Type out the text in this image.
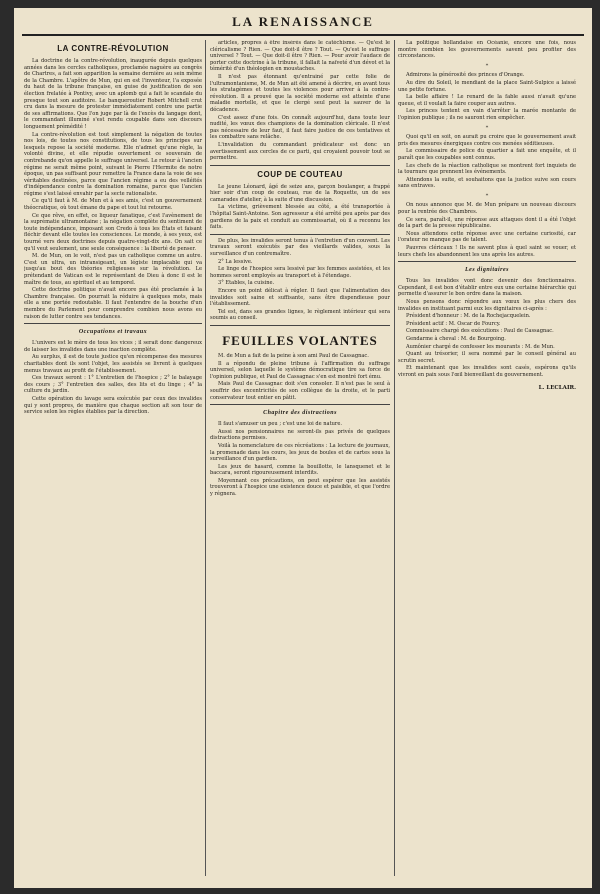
LA RENAISSANCE
LA CONTRE-RÉVOLUTION

La doctrine de la contre-révolution, inaugurée depuis quelques années dans les cercles catholiques, proclamée naguère au congrès de Chartres, a fait son apparition la semaine dernière au sein même de la Chambre. L'apôtre de Mun, qui en est l'inventeur, l'a exposée du haut de la tribune française, en guise de justification de son élection frelatée à Pontivy, avec un aplomb qui a fait le scandale du presque tout son auditoire. Le banqueroutier Robert Mitchell crut cru dans la mesure de protester immédiatement contre une partie de ses affirmations. Que l'on juge par là de l'excès du langage dont, le commandant illuminé s'est rendu coupable dans son discours longuement prémédité !

La contre-révolution est tout simplement la négation de toutes nos lois, de toutes nos constitutions, de tous les principes sur lesquels repose la société moderne. Elle n'admet qu'une règle, la volonté divine, et elle répudie ouvertement ce souverain de contrebande qu'on appelle le suffrage universel. Le retour à l'ancien régime ne serait même point, suivant le Pierre l'Hermite de notre époque, un pas suffisant pour remettre la France dans la voie de ses véritables destinées, parce que l'ancien régime a eu des velléités d'indépendance contre la domination romaine, parce que l'ancien régime s'est laissé envahir par la secte rationaliste.

Ce qu'il faut à M. de Mun et à ses amis, c'est un gouvernement théocratique, où tout émane du pape et tout lui retourne.

Ce que rêve, en effet, ce liqueur fanatique, c'est l'avènement de la suprématie ultramontaine ; la négation complète du sentiment de toute indépendance, imposant son Credo à tous les États et faisant fléchir devant elle toutes les consciences. Le monde, à ses yeux, est tourné vers deux doctrines depuis quatre-vingt-dix ans. On sait ce qu'il veut seulement, une seule conséquence : la liberté de penser.

M. de Mun, on le voit, n'est pas un catholique comme un autre. C'est un ultra, un intransigeant, un légiste implacable qui va jusqu'au bout des théories religieuses sur la révolution. Le prétendant de Vatican est le représentant de Dieu à donc il est le maître de tous, au spirituel et au temporel.

Cette doctrine politique n'avait encore pas été proclamée à la Chambre française. On pourrait la réduire à quelques mots, mais elle a une portée redoutable. Il faut l'entendre de la bouche d'un membre du Parlement pour comprendre combien nous avons eu raison de lutter contre ses tendances.

Occupations et travaux

L'univers est le mère de tous les vices ; il serait donc dangereux de laisser les invalides dans une inaction complète.

Au surplus, il est de toute justice qu'en récompense des mesures charitables dont ils sont l'objet, les assistés se livrent à quelques menus travaux au profit de l'établissement.

Ces travaux seront : 1° L'entretien de l'hospice ; 2° le balayage des cours ; 3° l'entretien des salles, des lits et du linge ; 4° la culture du jardin.

Cette opération du lavage sera exécutée par ceux des invalides qui y sont propres, de manière que chaque section ait son tour de service selon les règles établies par la direction.

articles, propres à être insérés dans le catéchisme. — Qu'est le cléricalisme ? Rien. — Que doit-il être ? Tout. — Qu'est le suffrage universel ? Tout. — Que doit-il être ? Rien. — Pour avoir l'audace de porter cette doctrine à la tribune, il fallait la naïveté d'un dévot et la témérité d'un théologien en moustaches.

Il n'est pas étonnant qu'entrainé par cette folie de l'ultramontanisme, M. de Mun ait été amené à décrire, en avant tous les stratagèmes et toutes les violences pour arriver à la contre-révolution. Il a prouvé que la société moderne est atteinte d'une maladie mortelle, et que le clergé seul peut la sauver de la décadence.

C'est assez d'une fois. On connaît aujourd'hui, dans toute leur nudité, les vœux des champions de la domination cléricale. Il n'est pas nécessaire de leur faut, il faut faire justice de ces tentatives et les combattre sans relâche.

L'invalidation du commandant prédicateur est donc un avertissement aux cercles de ce parti, qui croyaient pouvoir tout se permettre.

COUP DE COUTEAU

Le jeune Léonard, âgé de seize ans, garçon boulanger, a frappé hier soir d'un coup de couteau, rue de la Roquette, un de ses camarades d'atelier, à la suite d'une discussion.

La victime, grièvement blessée au côté, a été transportée à l'hôpital Saint-Antoine. Son agresseur a été arrêté peu après par des gardiens de la paix et conduit au commissariat, où il a reconnu les faits.

De plus, les invalides seront tenus à l'entretien d'un couvent. Les travaux seront exécutés par des vieillards valides, sous la surveillance d'un contremaître.

2° La lessive.

Le linge de l'hospice sera lessivé par les femmes assistées, et les hommes seront employés au transport et à l'étendage.

3° Etables, la cuisine.

Encore un point délicat à régler. Il faut que l'alimentation des invalides soit saine et suffisante, sans être dispendieuse pour l'établissement.

Tel est, dans ses grandes lignes, le règlement intérieur qui sera soumis au conseil.

FEUILLES VOLANTES

M. de Mun a fait de la peine à son ami Paul de Cassagnac.

Il a répondu de pleine tribune à l'affirmation du suffrage universel, selon laquelle le système démocratique tire sa force de l'opinion publique, et Paul de Cassagnac s'en est montré fort ému.

Mais Paul de Cassagnac doit s'en consoler. Il n'est pas le seul à souffrir des excentricités de son collègue de la droite, et le parti conservateur tout entier en pâtit.

Chapitre des distractions

Il faut s'amuser un peu ; c'est une loi de nature.

Aussi nos pensionnaires ne seront-ils pas privés de quelques distractions permises.

Voilà la nomenclature de ces récréations : La lecture de journaux, la promenade dans les cours, les jeux de boules et de cartes sous la surveillance d'un gardien.

Les jeux de hasard, comme la bouillotte, le lansquenet et le baccara, seront rigoureusement interdits.

Moyennant ces précautions, on peut espérer que les assistés trouveront à l'hospice une existence douce et paisible, et que l'ordre y régnera.

La politique hollandaise en Océanie, encore une fois, nous montre combien les gouvernements savent peu profiter des circonstances.

*

Admirons la générosité des princes d'Orange.

Au dire du Soleil, le mendiant de la place Saint-Sulpice a laissé une petite fortune.

La belle affaire ! Le renard de la fable aussi n'avait qu'une queue, et il voulait la faire couper aux autres.

Les princes tentent en vain d'arrêter la marée montante de l'opinion publique ; ils ne sauront rien empêcher.

*

Quoi qu'il en soit, on aurait pu croire que le gouvernement avait pris des mesures énergiques contre ces menées séditieuses.

Le commissaire de police du quartier a fait une enquête, et il paraît que les coupables sont connus.

Les chefs de la réaction catholique se montrent fort inquiets de la tournure que prennent les événements.

Attendons la suite, et souhaitons que la justice suive son cours sans entraves.

*

On nous annonce que M. de Mun prépare un nouveau discours pour la rentrée des Chambres.

Ce sera, paraît-il, une réponse aux attaques dont il a été l'objet de la part de la presse républicaine.

Nous attendons cette réponse avec une certaine curiosité, car l'orateur ne manque pas de talent.

Pauvres cléricaux ! Ils ne savent plus à quel saint se vouer, et leurs chefs les abandonnent les uns après les autres.

Les dignitaires

Tous les invalides vont donc devenir des fonctionnaires. Cependant, il est bon d'établir entre eux une certaine hiérarchie qui permette d'assurer le bon ordre dans la maison.

Nous pensons donc répondre aux vœux les plus chers des invalides en instituant parmi eux les dignitaires ci-après :

Président d'honneur : M. de la Rochejacquelein.

Président actif : M. Oscar de Fourcy.

Commissaire chargé des exécutions : Paul de Cassagnac.

Gendarme à cheval : M. de Bourgoing.

Aumônier chargé de confesser les mourants : M. de Mun.

Quant au trésorier, il sera nommé par le conseil général au scrutin secret.

Et maintenant que les invalides sont casés, espérons qu'ils vivront en paix sous l'œil bienveillant du gouvernement.

L. LECLAIR.
